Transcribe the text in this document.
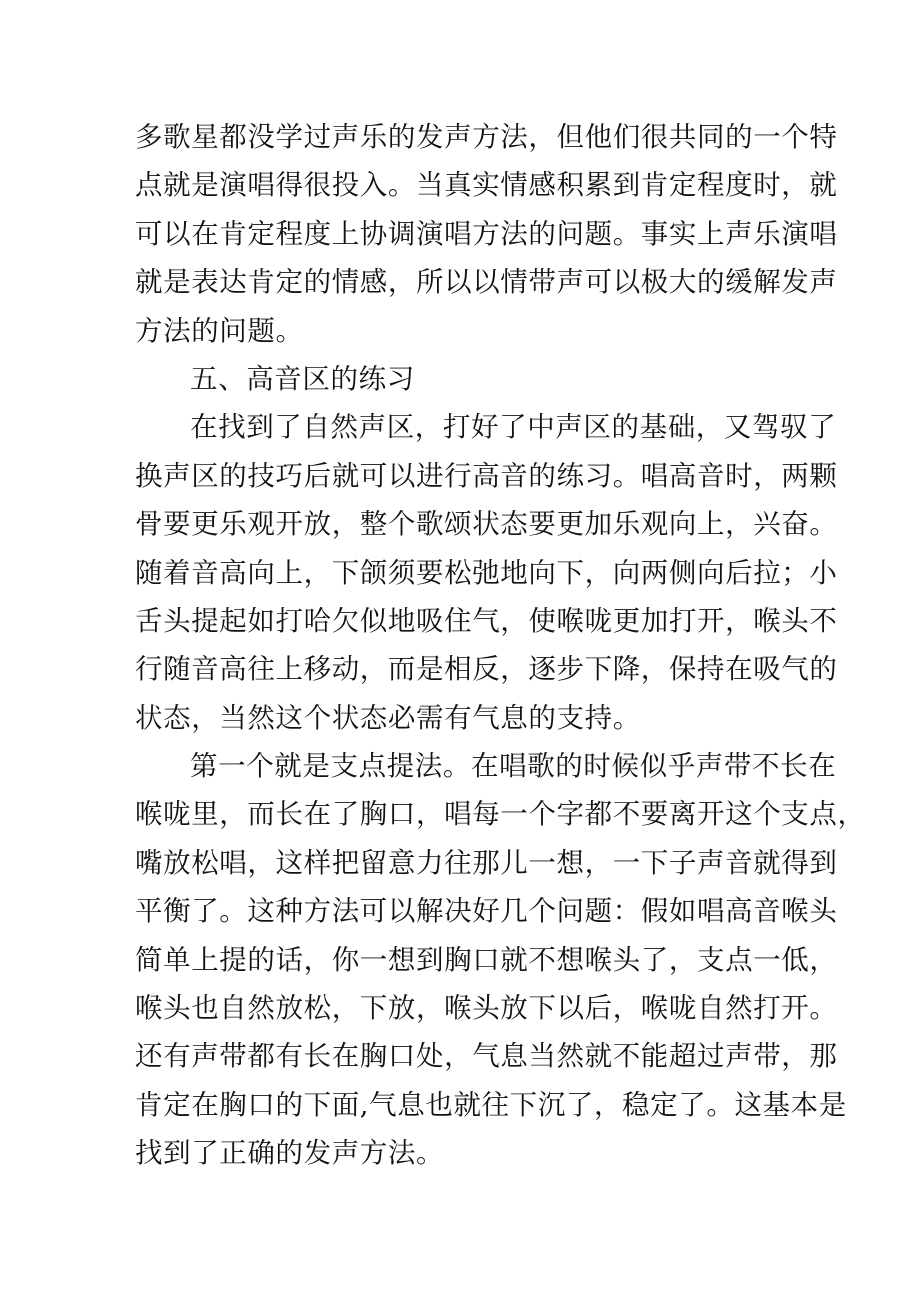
多歌星都没学过声乐的发声方法，但他们很共同的一个特
点就是演唱得很投入。当真实情感积累到肯定程度时，就
可以在肯定程度上协调演唱方法的问题。事实上声乐演唱
就是表达肯定的情感，所以以情带声可以极大的缓解发声
方法的问题。
五、高音区的练习
在找到了自然声区，打好了中声区的基础，又驾驭了
换声区的技巧后就可以进行高音的练习。唱高音时，两颗
骨要更乐观开放，整个歌颂状态要更加乐观向上，兴奋。
随着音高向上，下颌须要松弛地向下，向两侧向后拉；小
舌头提起如打哈欠似地吸住气，使喉咙更加打开，喉头不
行随音高往上移动，而是相反，逐步下降，保持在吸气的
状态，当然这个状态必需有气息的支持。
第一个就是支点提法。在唱歌的时候似乎声带不长在
喉咙里，而长在了胸口，唱每一个字都不要离开这个支点，
嘴放松唱，这样把留意力往那儿一想，一下子声音就得到
平衡了。这种方法可以解决好几个问题：假如唱高音喉头
简单上提的话，你一想到胸口就不想喉头了，支点一低，
喉头也自然放松，下放，喉头放下以后，喉咙自然打开。
还有声带都有长在胸口处，气息当然就不能超过声带，那
肯定在胸口的下面,气息也就往下沉了，稳定了。这基本是
找到了正确的发声方法。
